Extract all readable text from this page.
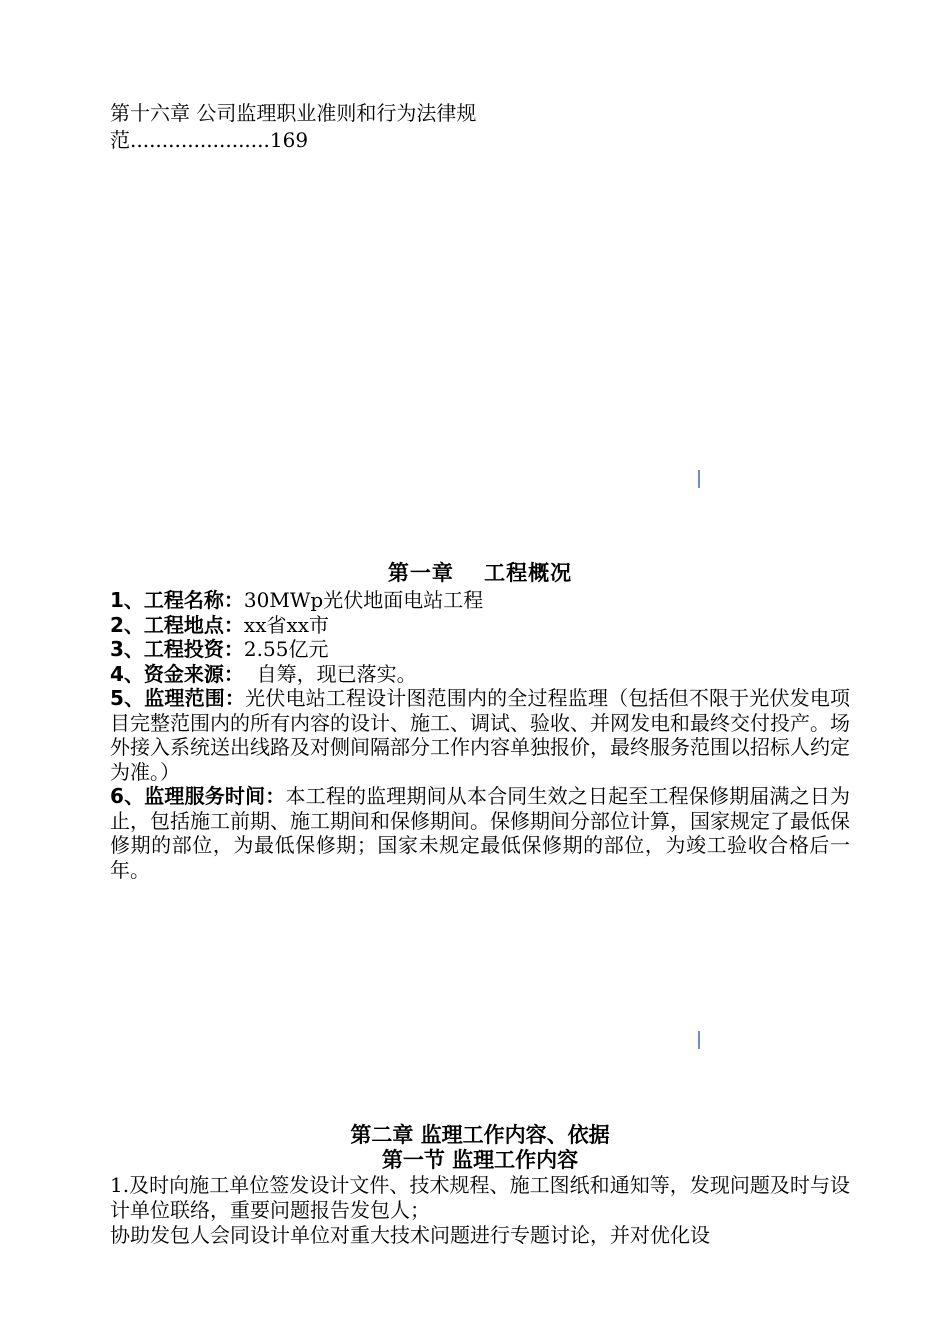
第十六章 公司监理职业准则和行为法律规
范......................169
第一章　 工程概况

1、工程名称：30MWp光伏地面电站工程

2、工程地点：xx省xx市

3、工程投资：2.55亿元

4、资金来源：  自筹，现已落实。

5、监理范围：光伏电站工程设计图范围内的全过程监理（包括但不限于光伏发电项目完整范围内的所有内容的设计、施工、调试、验收、并网发电和最终交付投产。场外接入系统送出线路及对侧间隔部分工作内容单独报价，最终服务范围以招标人约定为准。）

6、监理服务时间：本工程的监理期间从本合同生效之日起至工程保修期届满之日为止，包括施工前期、施工期间和保修期间。保修期间分部位计算，国家规定了最低保修期的部位，为最低保修期；国家未规定最低保修期的部位，为竣工验收合格后一年。

第二章 监理工作内容、依据
第一节 监理工作内容

1.及时向施工单位签发设计文件、技术规程、施工图纸和通知等，发现问题及时与设计单位联络，重要问题报告发包人；

协助发包人会同设计单位对重大技术问题进行专题讨论，并对优化设
